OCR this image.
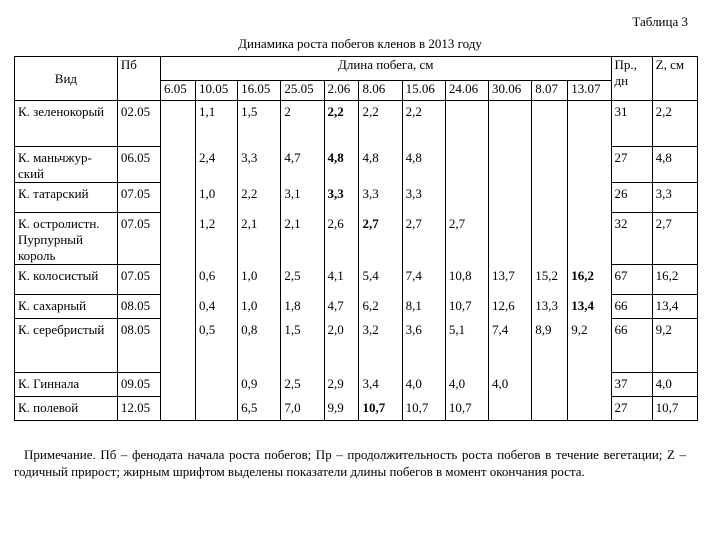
Таблица 3
Динамика роста побегов кленов в 2013 году
Вид	Пб	Длина побега, см											Пр., дн	Z, см
		6.05	10.05	16.05	25.05	2.06	8.06	15.06	24.06	30.06	8.07	13.07		
К. зеленокорый	02.05		1,1	1,5	2	2,2	2,2	2,2					31	2,2
К. маньчжур-ский	06.05		2,4	3,3	4,7	4,8	4,8	4,8					27	4,8
К. татарский	07.05		1,0	2,2	3,1	3,3	3,3	3,3					26	3,3
К. остролистн. Пурпурный король	07.05		1,2	2,1	2,1	2,6	2,7	2,7	2,7				32	2,7
К. колосистый	07.05		0,6	1,0	2,5	4,1	5,4	7,4	10,8	13,7	15,2	16,2	67	16,2
К. сахарный	08.05		0,4	1,0	1,8	4,7	6,2	8,1	10,7	12,6	13,3	13,4	66	13,4
К. серебристый	08.05		0,5	0,8	1,5	2,0	3,2	3,6	5,1	7,4	8,9	9,2	66	9,2
К. Гиннала	09.05			0,9	2,5	2,9	3,4	4,0	4,0	4,0			37	4,0
К. полевой	12.05			6,5	7,0	9,9	10,7	10,7	10,7				27	10,7
Примечание. Пб – фенодата начала роста побегов; Пр – продолжительность роста побегов в течение вегетации; Z – годичный прирост; жирным шрифтом выделены показатели длины побегов в момент окончания роста.
